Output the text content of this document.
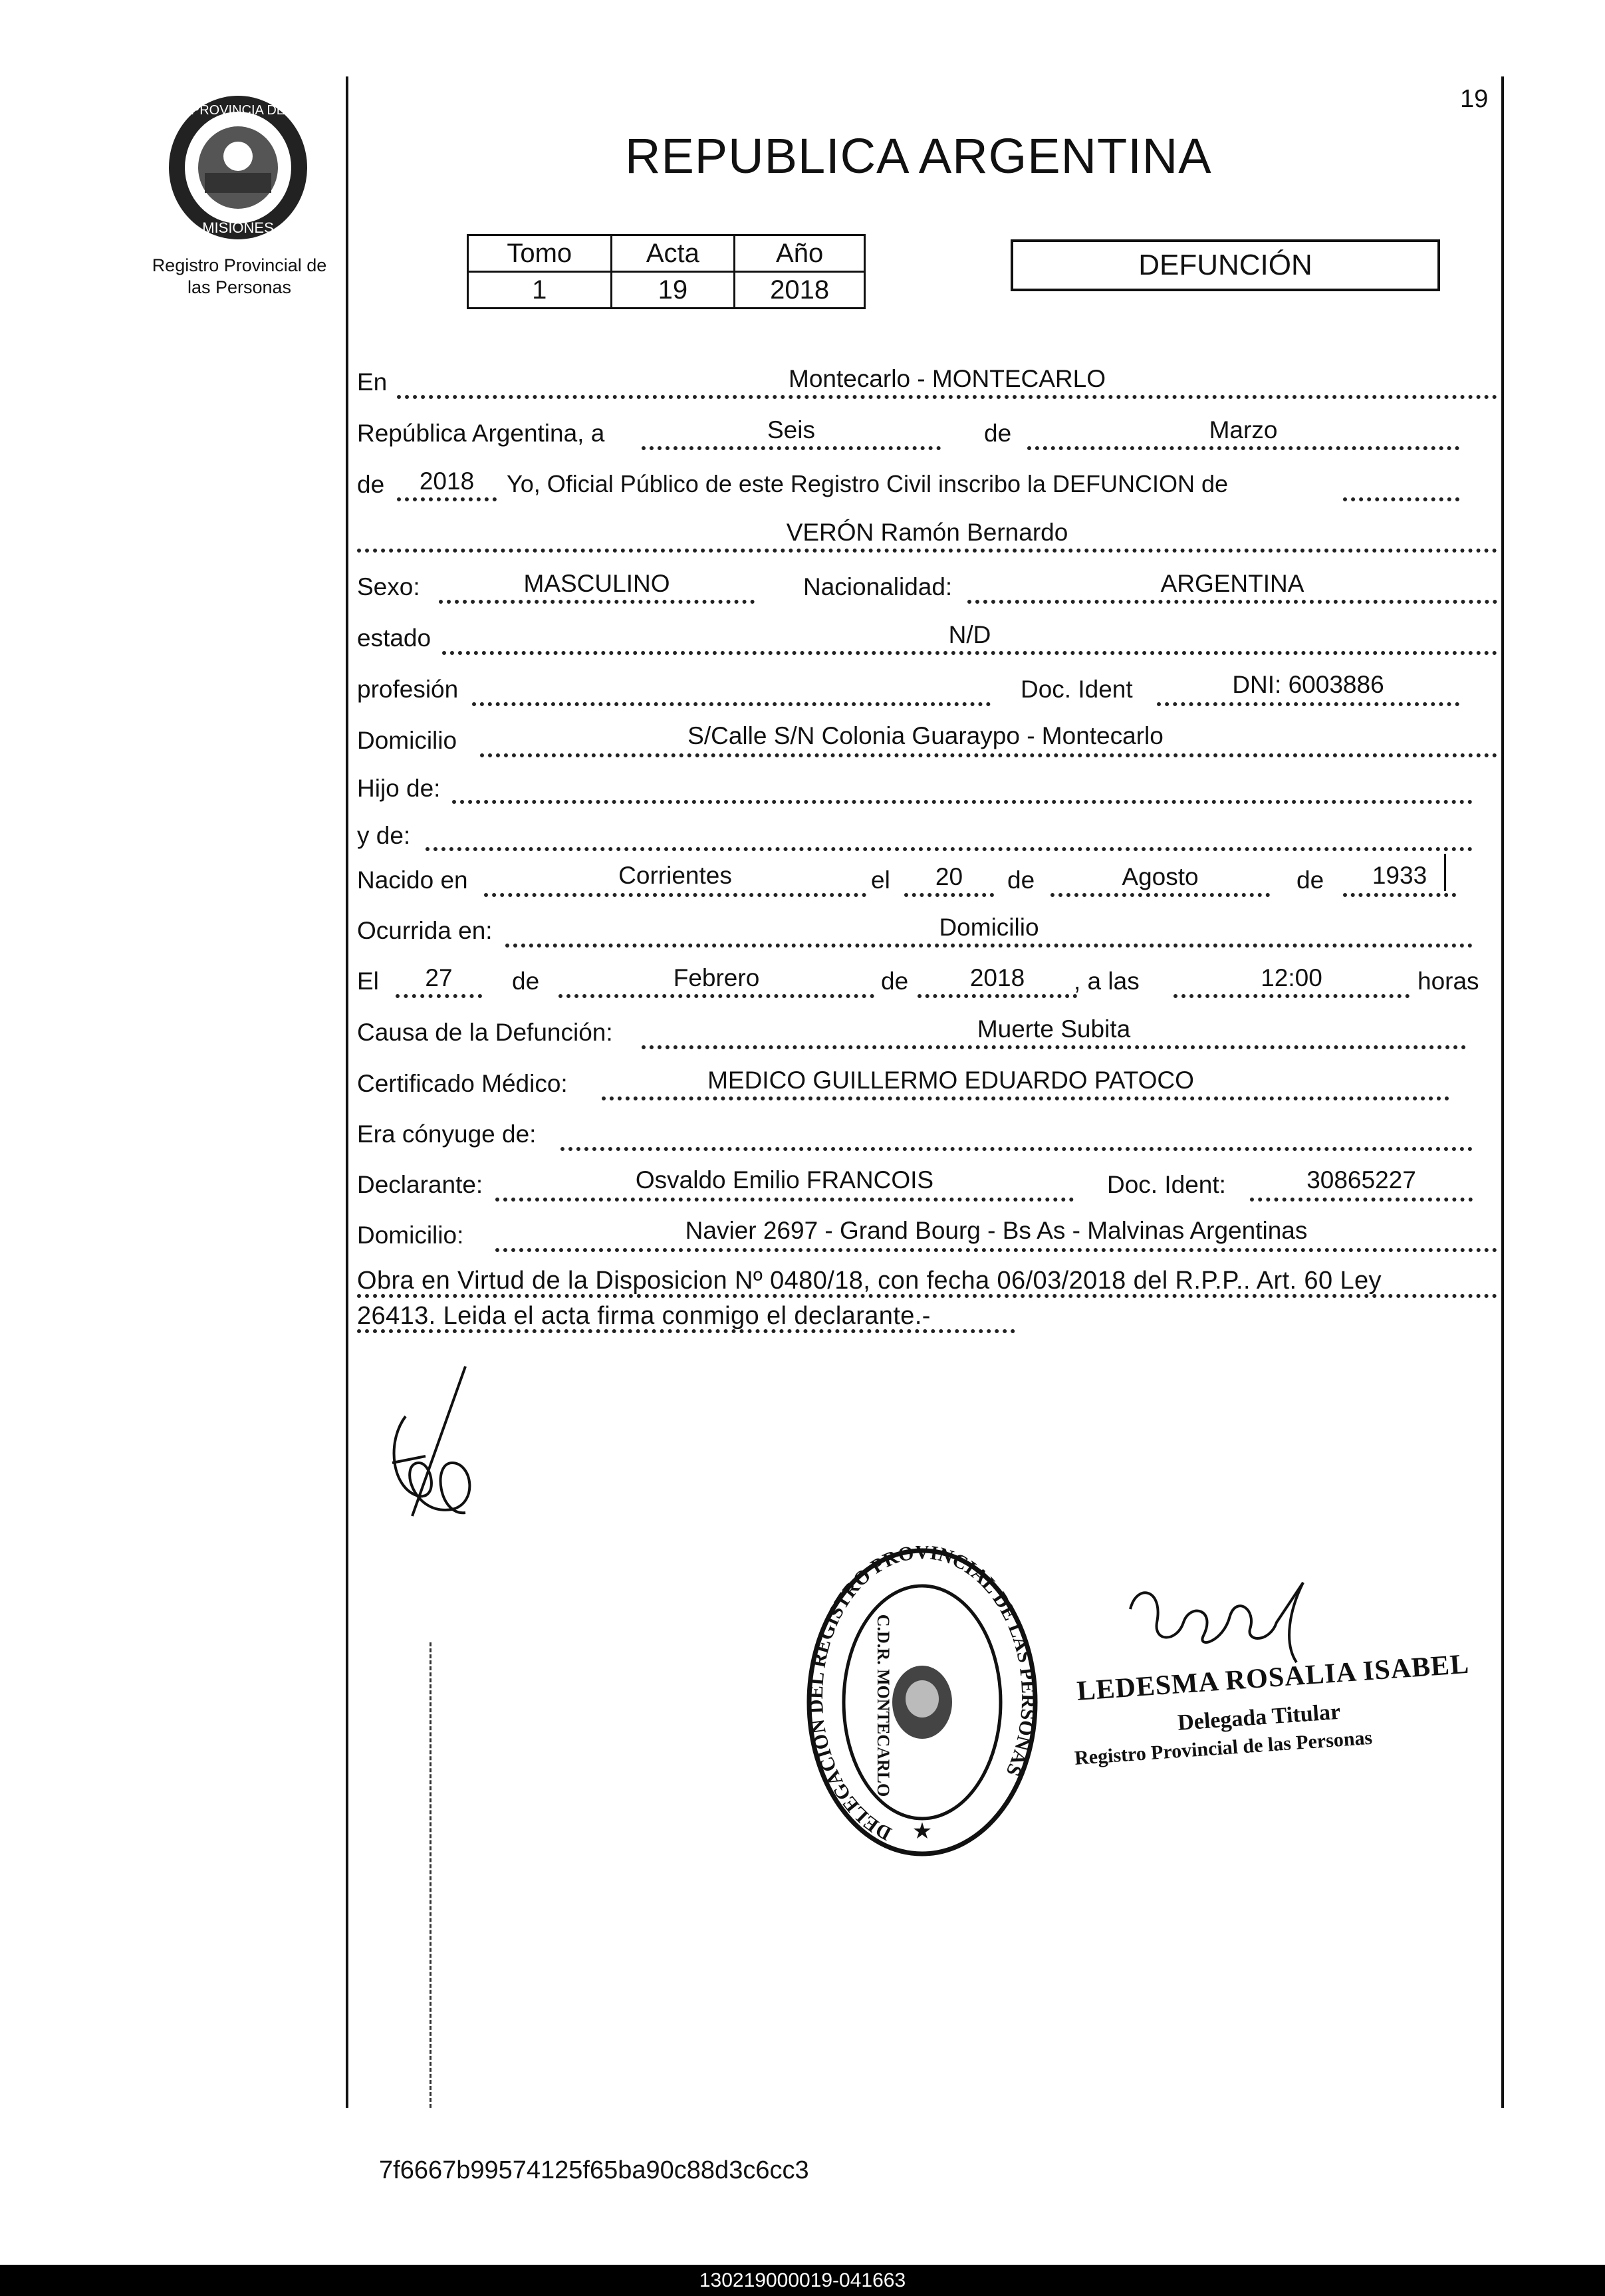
19
PROVINCIA DE
MISIONES
Registro Provincial de
las Personas
REPUBLICA ARGENTINA
Tomo	Acta	Año
1	19	2018
DEFUNCIÓN
En	Montecarlo - MONTECARLO
República Argentina, a	Seis	de	Marzo
de	2018	Yo, Oficial Público de este Registro Civil inscribo la DEFUNCION de
VERÓN Ramón Bernardo
Sexo:	MASCULINO	Nacionalidad:	ARGENTINA
estado	N/D
profesión	Doc. Ident	DNI: 6003886
Domicilio	S/Calle S/N Colonia Guaraypo - Montecarlo
Hijo de:
y de:
Nacido en	Corrientes	el	20	de	Agosto	de	1933
Ocurrida en:	Domicilio
El	27	de	Febrero	de	2018	, a las	12:00	horas
Causa de la Defunción:	Muerte Subita
Certificado Médico:	MEDICO GUILLERMO EDUARDO PATOCO
Era cónyuge de:
Declarante:	Osvaldo Emilio FRANCOIS	Doc. Ident:	30865227
Domicilio:	Navier 2697 - Grand Bourg - Bs As - Malvinas Argentinas
Obra en Virtud de la Disposicion Nº 0480/18, con fecha 06/03/2018 del R.P.P.. Art. 60 Ley
26413. Leida el acta firma conmigo el declarante.-
DELEGACION DEL REGISTRO PROVINCIAL DE LAS PERSONAS
C.D.R. MONTECARLO
★
LEDESMA ROSALIA ISABEL
Delegada Titular
Registro Provincial de las Personas
7f6667b99574125f65ba90c88d3c6cc3
130219000019-041663
